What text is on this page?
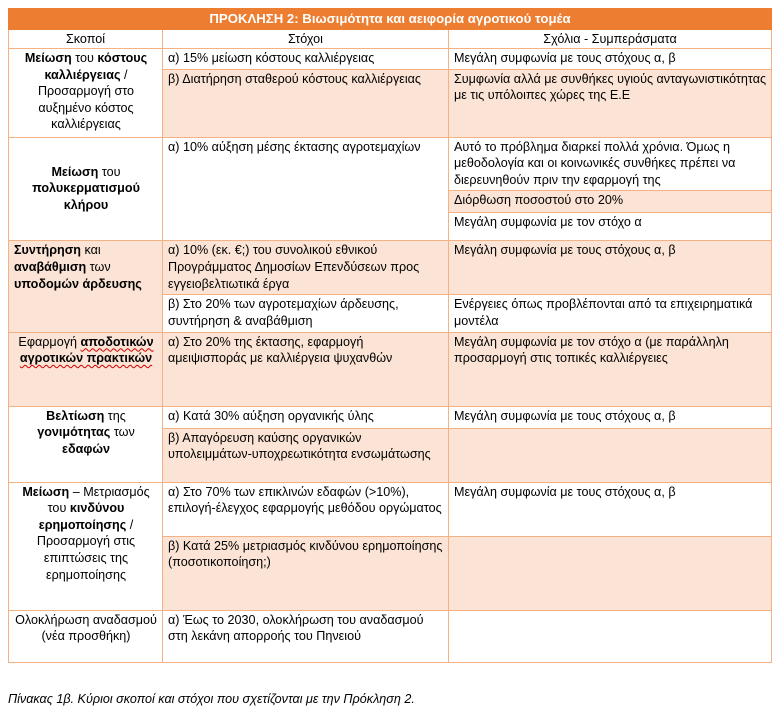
ΠΡΟΚΛΗΣΗ 2: Βιωσιμότητα και αειφορία αγροτικού τομέα		
Σκοποί	Στόχοι	Σχόλια - Συμπεράσματα
Μείωση του κόστους καλλιέργειας /Προσαρμογή στο αυξημένο κόστος καλλιέργειας	α) 15% μείωση κόστους καλλιέργειας	Μεγάλη συμφωνία με τους στόχους α, β
	β) Διατήρηση σταθερού κόστους καλλιέργειας	Συμφωνία αλλά με συνθήκες υγιούς ανταγωνιστικότητας με τις υπόλοιπες χώρες της Ε.Ε
Μείωση του πολυκερματισμού κλήρου	α) 10% αύξηση μέσης έκτασης αγροτεμαχίων	Αυτό το πρόβλημα διαρκεί πολλά χρόνια. Όμως η μεθοδολογία και οι κοινωνικές συνθήκες πρέπει να διερευνηθούν πριν την εφαρμογή της
		Διόρθωση ποσοστού στο 20%
		Μεγάλη συμφωνία με τον στόχο α
Συντήρηση και αναβάθμιση των υποδομών άρδευσης	α) 10% (εκ. €;) του συνολικού εθνικού Προγράμματος Δημοσίων Επενδύσεων προς εγγειοβελτιωτικά έργα	Μεγάλη συμφωνία με τους στόχους α, β
	β) Στο 20% των αγροτεμαχίων άρδευσης, συντήρηση & αναβάθμιση	Ενέργειες όπως προβλέπονται από τα επιχειρηματικά μοντέλα
Εφαρμογή αποδοτικών αγροτικών πρακτικών	α) Στο 20% της έκτασης, εφαρμογή αμειψισποράς με καλλιέργεια ψυχανθών	Μεγάλη συμφωνία με τον στόχο α (με παράλληλη προσαρμογή στις τοπικές καλλιέργειες
Βελτίωση της γονιμότητας των εδαφών	α) Κατά 30% αύξηση οργανικής ύλης	Μεγάλη συμφωνία με τους στόχους α, β
	β) Απαγόρευση καύσης οργανικών υπολειμμάτων-υποχρεωτικότητα ενσωμάτωσης	
Μείωση – Μετριασμός του κινδύνου ερημοποίησης /Προσαρμογή στις επιπτώσεις της ερημοποίησης	α) Στο 70% των επικλινών εδαφών (>10%), επιλογή-έλεγχος εφαρμογής μεθόδου οργώματος	Μεγάλη συμφωνία με τους στόχους α, β
	β) Κατά 25% μετριασμός κινδύνου ερημοποίησης (ποσοτικοποίηση;)	
Ολοκλήρωση αναδασμού (νέα προσθήκη)	α) Έως το 2030, ολοκλήρωση του αναδασμού στη λεκάνη απορροής του Πηνειού	
Πίνακας 1β. Κύριοι σκοποί και στόχοι που σχετίζονται με την Πρόκληση 2.
